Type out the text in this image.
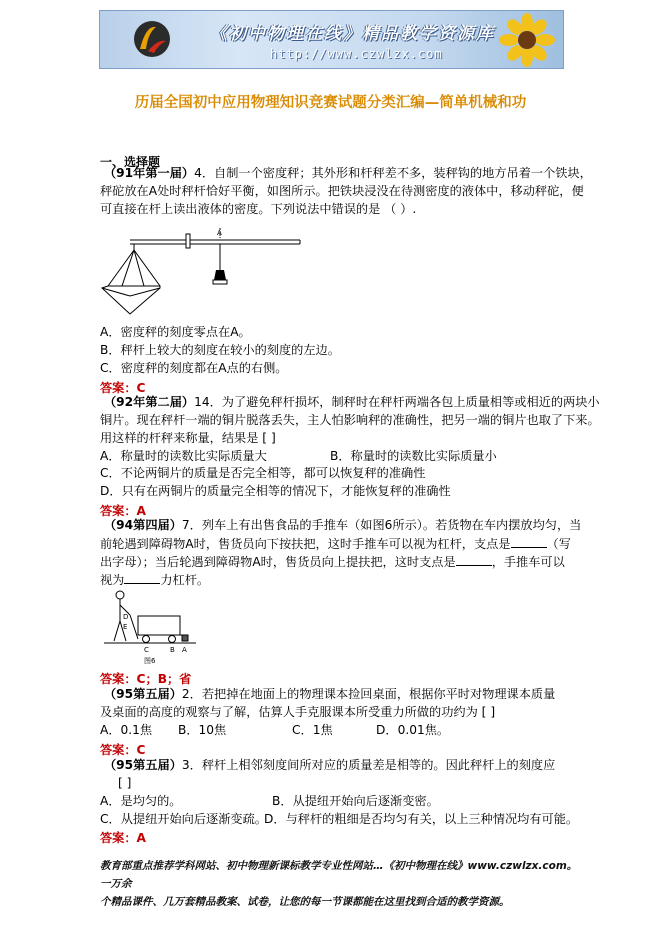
《初中物理在线》精品教学资源库
http://www.czwlzx.com
历届全国初中应用物理知识竞赛试题分类汇编—简单机械和功
一、选择题
（91年第一届）4．自制一个密度秤；其外形和杆秤差不多，装秤钩的地方吊着一个铁块，
秤砣放在A处时秤杆恰好平衡，如图所示。把铁块浸没在待测密度的液体中，移动秤砣，便
可直接在杆上读出液体的密度。下列说法中错误的是 （ ）.
A
A．密度秤的刻度零点在A。
B．秤杆上较大的刻度在较小的刻度的左边。
C．密度秤的刻度都在A点的右侧。
答案：C
（92年第二届）14．为了避免秤杆损坏，制秤时在秤杆两端各包上质量相等或相近的两块小
铜片。现在秤杆一端的铜片脱落丢失，主人怕影响秤的准确性，把另一端的铜片也取了下来。
用这样的杆秤来称量，结果是 [ ]
A．称量时的读数比实际质量大	B．称量时的读数比实际质量小
C．不论两铜片的质量是否完全相等，都可以恢复秤的准确性
D．只有在两铜片的质量完全相等的情况下，才能恢复秤的准确性
答案：A
（94第四届）7．列车上有出售食品的手推车（如图6所示）。若货物在车内摆放均匀，当
前轮遇到障碍物A时，售货员向下按扶把，这时手推车可以视为杠杆，支点是	（写
出字母）；当后轮遇到障碍物A时，售货员向上提扶把，这时支点是	，手推车可以
视为	力杠杆。
D
E
C	B A
图6
答案：C；B；省
（95第五届）2．若把掉在地面上的物理课本捡回桌面，根据你平时对物理课本质量
及桌面的高度的观察与了解，估算人手克服课本所受重力所做的功约为 [ ]
A．0.1焦 B．10焦	C．1焦	D．0.01焦。
答案：C
（95第五届）3．秤杆上相邻刻度间所对应的质量差是相等的。因此秤杆上的刻度应
[ ]
A．是均匀的。	B．从提纽开始向后逐渐变密。
C．从提纽开始向后逐渐变疏。
D．与秤杆的粗细是否均匀有关，以上三种情况均有可能。
答案：A
教育部重点推荐学科网站、初中物理新课标教学专业性网站…《初中物理在线》www.czwlzx.com。一万余
个精品课件、几万套精品教案、试卷，让您的每一节课都能在这里找到合适的教学资源。
